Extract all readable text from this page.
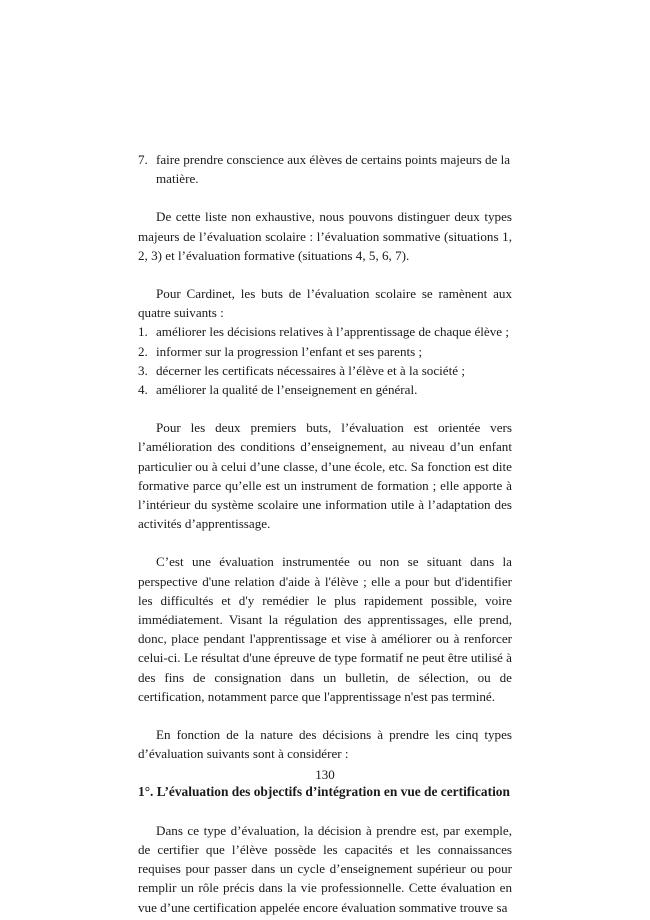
7. faire prendre conscience aux élèves de certains points majeurs de la matière.

De cette liste non exhaustive, nous pouvons distinguer deux types majeurs de l’évaluation scolaire : l’évaluation sommative (situations 1, 2, 3) et l’évaluation formative (situations 4, 5, 6, 7).

Pour Cardinet, les buts de l’évaluation scolaire se ramènent aux quatre suivants :

1. améliorer les décisions relatives à l’apprentissage de chaque élève ;
2. informer sur la progression l’enfant et ses parents ;
3. décerner les certificats nécessaires à l’élève et à la société ;
4. améliorer la qualité de l’enseignement en général.

Pour les deux premiers buts, l’évaluation est orientée vers l’amélioration des conditions d’enseignement, au niveau d’un enfant particulier ou à celui d’une classe, d’une école, etc. Sa fonction est dite formative parce qu’elle est un instrument de formation ; elle apporte à l’intérieur du système scolaire une information utile à l’adaptation des activités d’apprentissage.

C’est une évaluation instrumentée ou non se situant dans la perspective d'une relation d'aide à l'élève ; elle a pour but d'identifier les difficultés et d'y remédier le plus rapidement possible, voire immédiatement. Visant la régulation des apprentissages, elle prend, donc, place pendant l'apprentissage et vise à améliorer ou à renforcer celui-ci. Le résultat d'une épreuve de type formatif ne peut être utilisé à des fins de consignation dans un bulletin, de sélection, ou de certification, notamment parce que l'apprentissage n'est pas terminé.

En fonction de la nature des décisions à prendre les cinq types d’évaluation suivants sont à considérer :

1°. L’évaluation des objectifs d’intégration en vue de certification

Dans ce type d’évaluation, la décision à prendre est, par exemple, de certifier que l’élève possède les capacités et les connaissances requises pour passer dans un cycle d’enseignement supérieur ou pour remplir un rôle précis dans la vie professionnelle. Cette évaluation en vue d’une certification appelée encore évaluation sommative trouve sa

130
